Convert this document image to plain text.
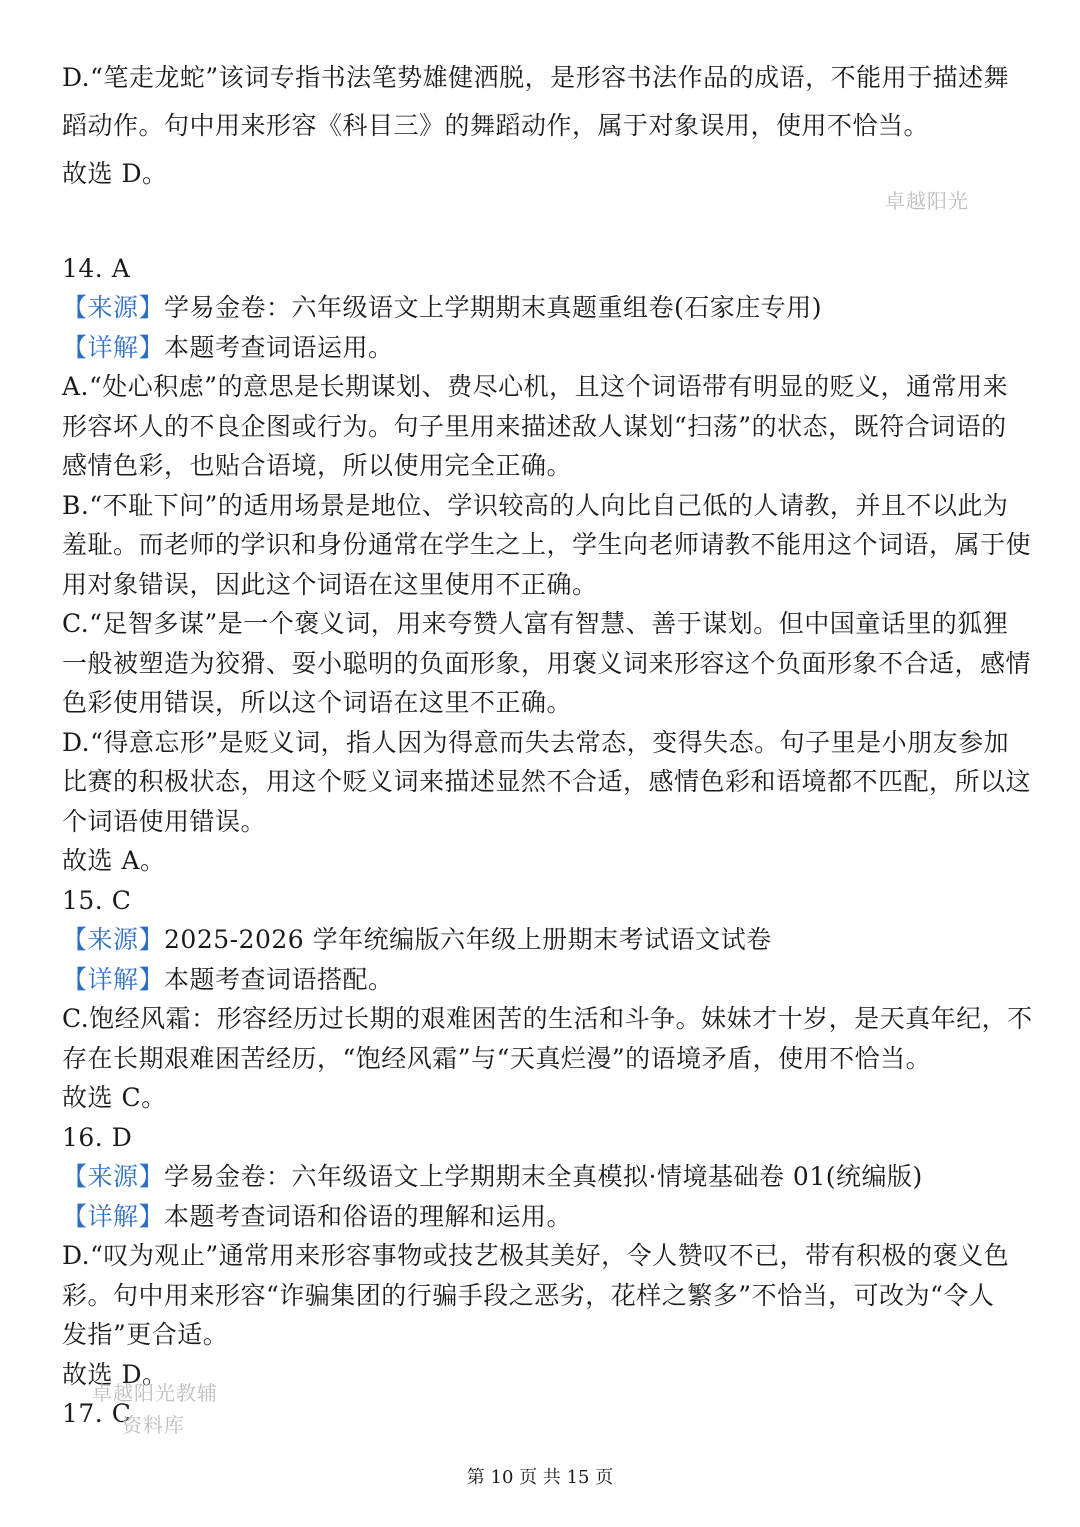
D.“笔走龙蛇”该词专指书法笔势雄健洒脱，是形容书法作品的成语，不能用于描述舞

蹈动作。句中用来形容《科目三》的舞蹈动作，属于对象误用，使用不恰当。

故选 D。

14. A

【来源】学易金卷：六年级语文上学期期末真题重组卷(石家庄专用)

【详解】本题考查词语运用。

A.“处心积虑”的意思是长期谋划、费尽心机，且这个词语带有明显的贬义，通常用来

形容坏人的不良企图或行为。句子里用来描述敌人谋划“扫荡”的状态，既符合词语的

感情色彩，也贴合语境，所以使用完全正确。

B.“不耻下问”的适用场景是地位、学识较高的人向比自己低的人请教，并且不以此为

羞耻。而老师的学识和身份通常在学生之上，学生向老师请教不能用这个词语，属于使

用对象错误，因此这个词语在这里使用不正确。

C.“足智多谋”是一个褒义词，用来夸赞人富有智慧、善于谋划。但中国童话里的狐狸

一般被塑造为狡猾、耍小聪明的负面形象，用褒义词来形容这个负面形象不合适，感情

色彩使用错误，所以这个词语在这里不正确。

D.“得意忘形”是贬义词，指人因为得意而失去常态，变得失态。句子里是小朋友参加

比赛的积极状态，用这个贬义词来描述显然不合适，感情色彩和语境都不匹配，所以这

个词语使用错误。

故选 A。

15. C

【来源】2025-2026 学年统编版六年级上册期末考试语文试卷

【详解】本题考查词语搭配。

C.饱经风霜：形容经历过长期的艰难困苦的生活和斗争。妹妹才十岁，是天真年纪，不

存在长期艰难困苦经历，“饱经风霜”与“天真烂漫”的语境矛盾，使用不恰当。

故选 C。

16. D

【来源】学易金卷：六年级语文上学期期末全真模拟·情境基础卷 01(统编版)

【详解】本题考查词语和俗语的理解和运用。

D.“叹为观止”通常用来形容事物或技艺极其美好，令人赞叹不已，带有积极的褒义色

彩。句中用来形容“诈骗集团的行骗手段之恶劣，花样之繁多”不恰当，可改为“令人

发指”更合适。

故选 D。

17. C

卓越阳光
卓越阳光教辅
资料库
第 10 页 共 15 页
